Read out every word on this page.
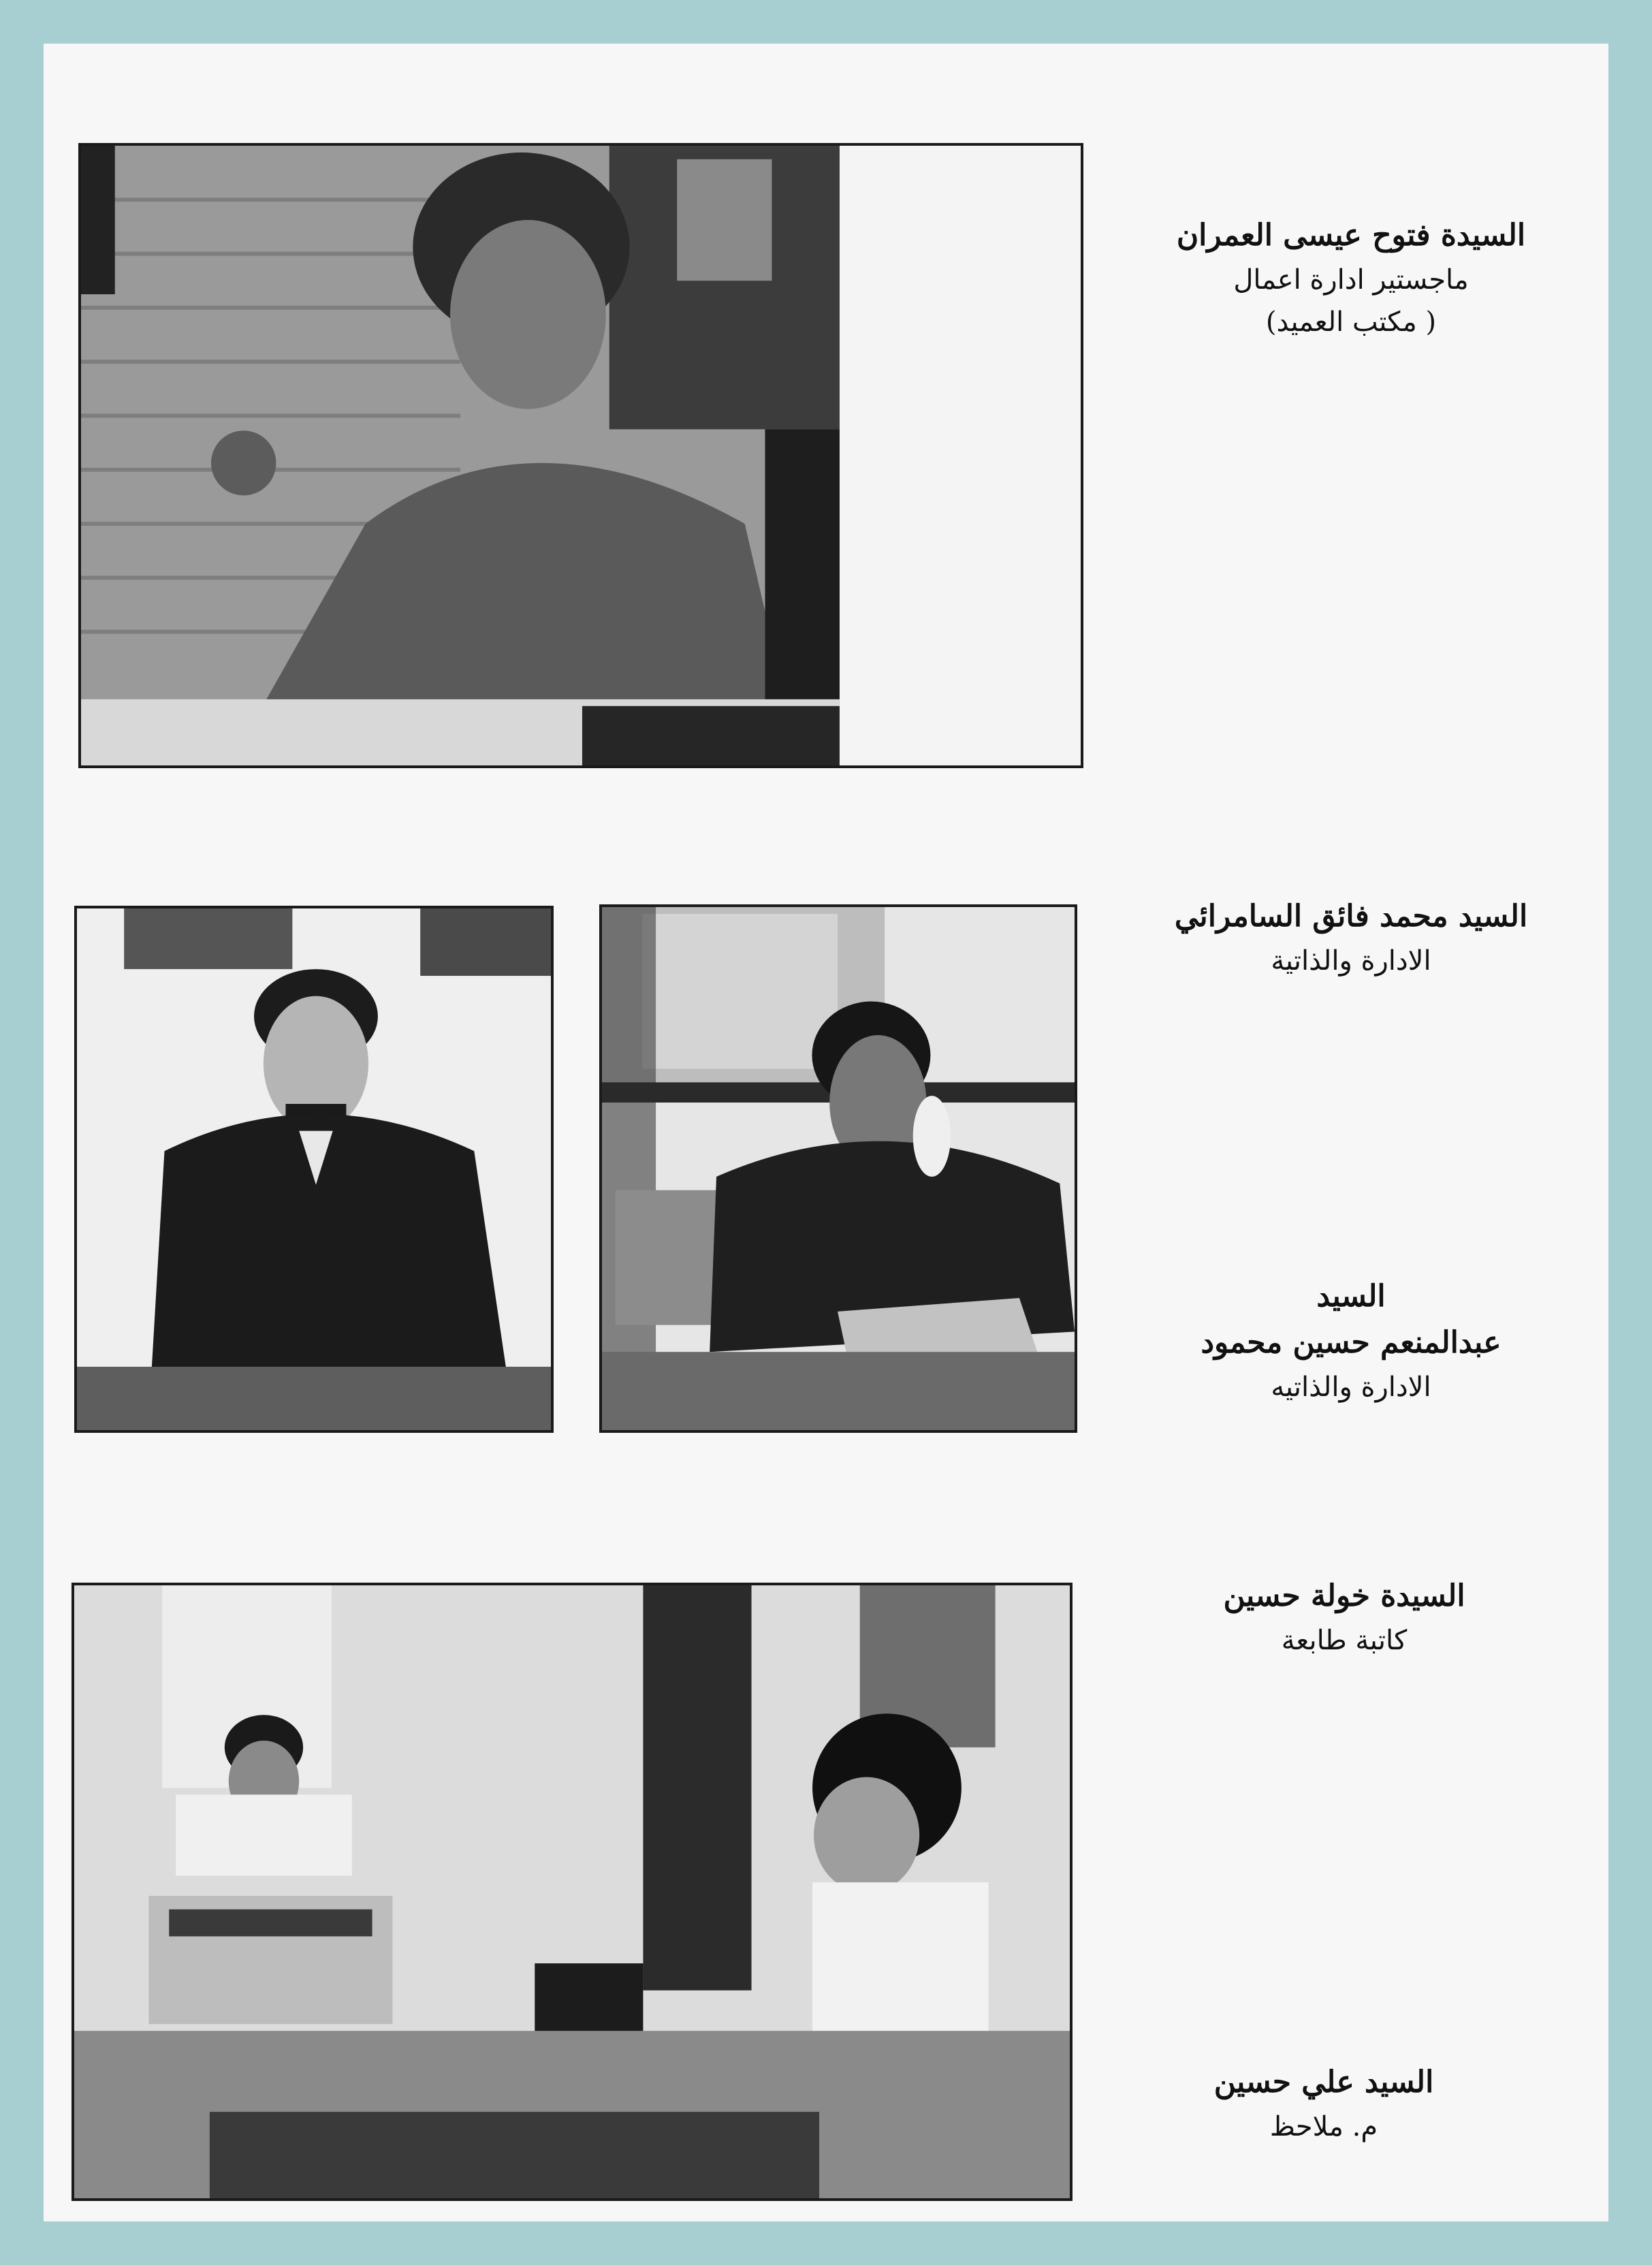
السيدة فتوح عيسى العمران
ماجستير ادارة اعمال
( مكتب العميد)
السيد محمد فائق السامرائي
الادارة والذاتية
السيد
عبدالمنعم حسين محمود
الادارة والذاتيه
السيدة خولة حسين
كاتبة طابعة
السيد علي حسين
م. ملاحظ
